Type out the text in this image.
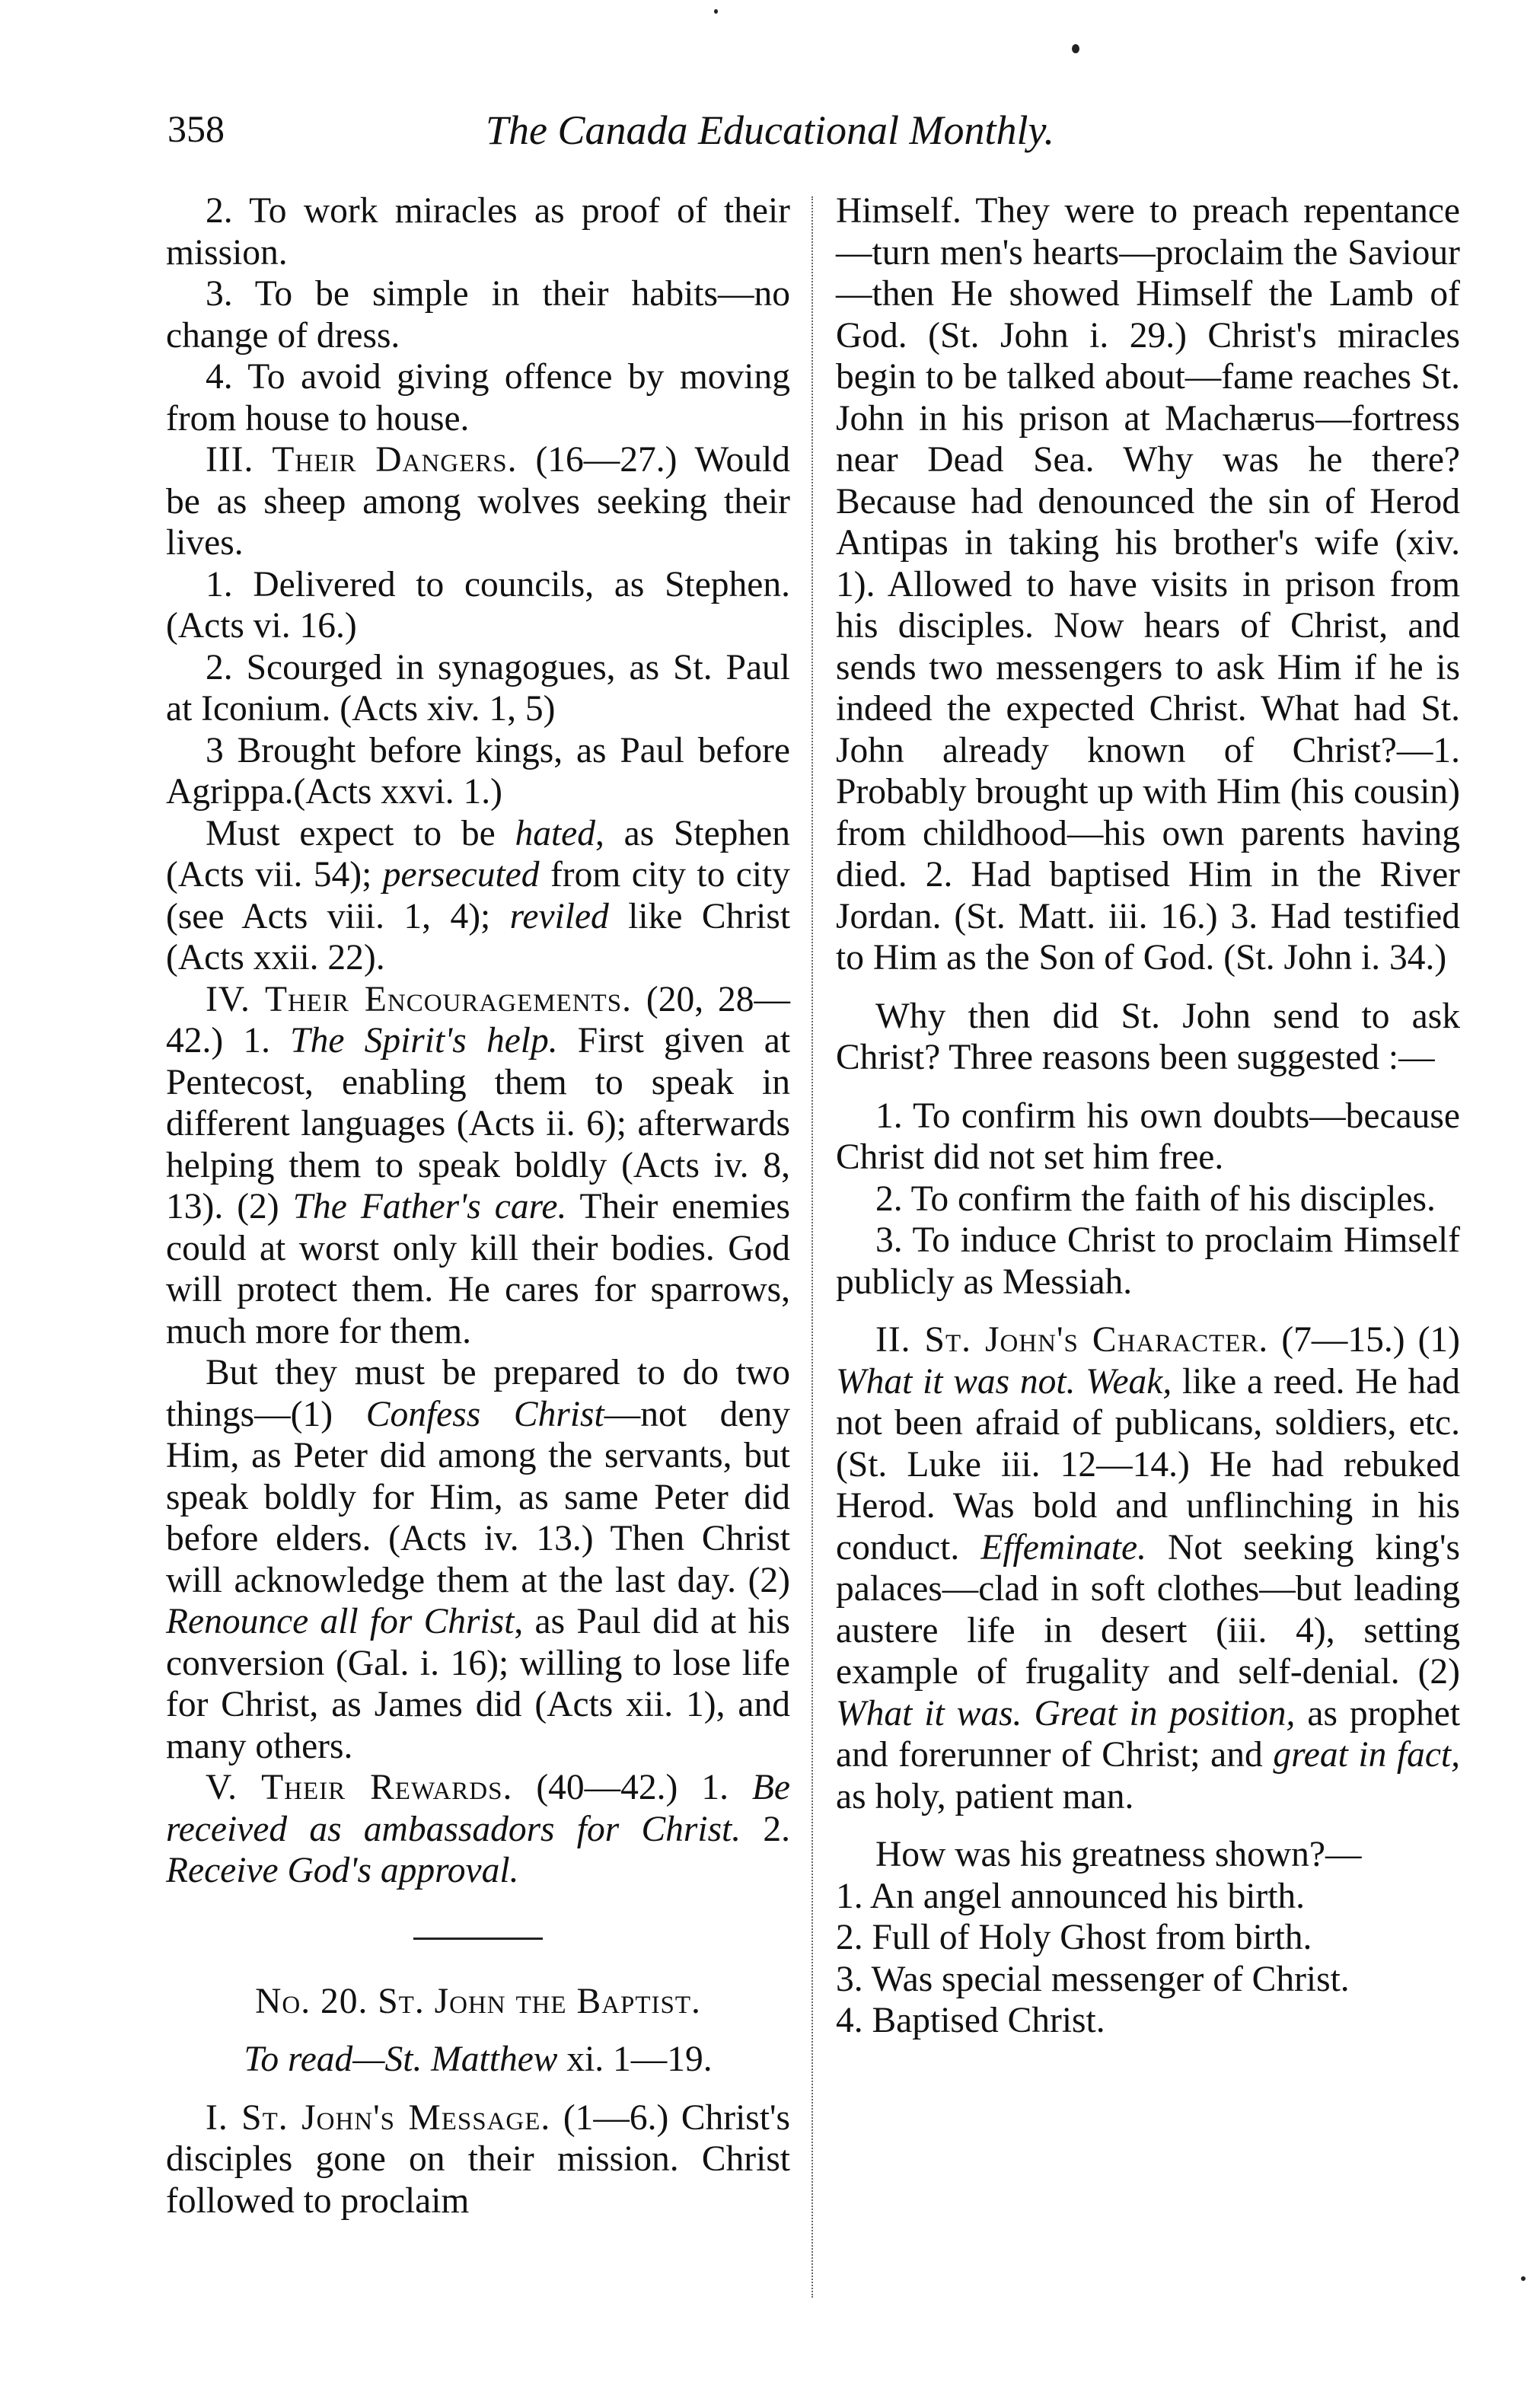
358	The Canada Educational Monthly.

2. To work miracles as proof of their mission.

3. To be simple in their habits—no change of dress.

4. To avoid giving offence by moving from house to house.

III. Their Dangers. (16—27.) Would be as sheep among wolves seeking their lives.

1. Delivered to councils, as Stephen. (Acts vi. 16.)

2. Scourged in synagogues, as St. Paul at Iconium. (Acts xiv. 1, 5)

3 Brought before kings, as Paul before Agrippa.(Acts xxvi. 1.)

Must expect to be hated, as Stephen (Acts vii. 54); persecuted from city to city (see Acts viii. 1, 4); reviled like Christ (Acts xxii. 22).

IV. Their Encouragements. (20, 28—42.) 1. The Spirit's help. First given at Pentecost, enabling them to speak in different languages (Acts ii. 6); afterwards helping them to speak boldly (Acts iv. 8, 13). (2) The Father's care. Their enemies could at worst only kill their bodies. God will protect them. He cares for sparrows, much more for them.

But they must be prepared to do two things—(1) Confess Christ—not deny Him, as Peter did among the servants, but speak boldly for Him, as same Peter did before elders. (Acts iv. 13.) Then Christ will acknowledge them at the last day. (2) Renounce all for Christ, as Paul did at his conversion (Gal. i. 16); willing to lose life for Christ, as James did (Acts xii. 1), and many others.

V. Their Rewards. (40—42.) 1. Be received as ambassadors for Christ. 2. Receive God's approval.

No. 20. St. John the Baptist.

To read—St. Matthew xi. 1—19.

I. St. John's Message. (1—6.) Christ's disciples gone on their mission. Christ followed to proclaim

Himself. They were to preach repentance—turn men's hearts—proclaim the Saviour—then He showed Himself the Lamb of God. (St. John i. 29.) Christ's miracles begin to be talked about—fame reaches St. John in his prison at Machærus—fortress near Dead Sea. Why was he there? Because had denounced the sin of Herod Antipas in taking his brother's wife (xiv. 1). Allowed to have visits in prison from his disciples. Now hears of Christ, and sends two messengers to ask Him if he is indeed the expected Christ. What had St. John already known of Christ?—1. Probably brought up with Him (his cousin) from childhood—his own parents having died. 2. Had baptised Him in the River Jordan. (St. Matt. iii. 16.) 3. Had testified to Him as the Son of God. (St. John i. 34.)

Why then did St. John send to ask Christ? Three reasons been suggested :—

1. To confirm his own doubts—because Christ did not set him free.

2. To confirm the faith of his disciples.

3. To induce Christ to proclaim Himself publicly as Messiah.

II. St. John's Character. (7—15.) (1) What it was not. Weak, like a reed. He had not been afraid of publicans, soldiers, etc. (St. Luke iii. 12—14.) He had rebuked Herod. Was bold and unflinching in his conduct. Effeminate. Not seeking king's palaces—clad in soft clothes—but leading austere life in desert (iii. 4), setting example of frugality and self-denial. (2) What it was. Great in position, as prophet and forerunner of Christ; and great in fact, as holy, patient man.

How was his greatness shown?—

1. An angel announced his birth.

2. Full of Holy Ghost from birth.

3. Was special messenger of Christ.

4. Baptised Christ.
